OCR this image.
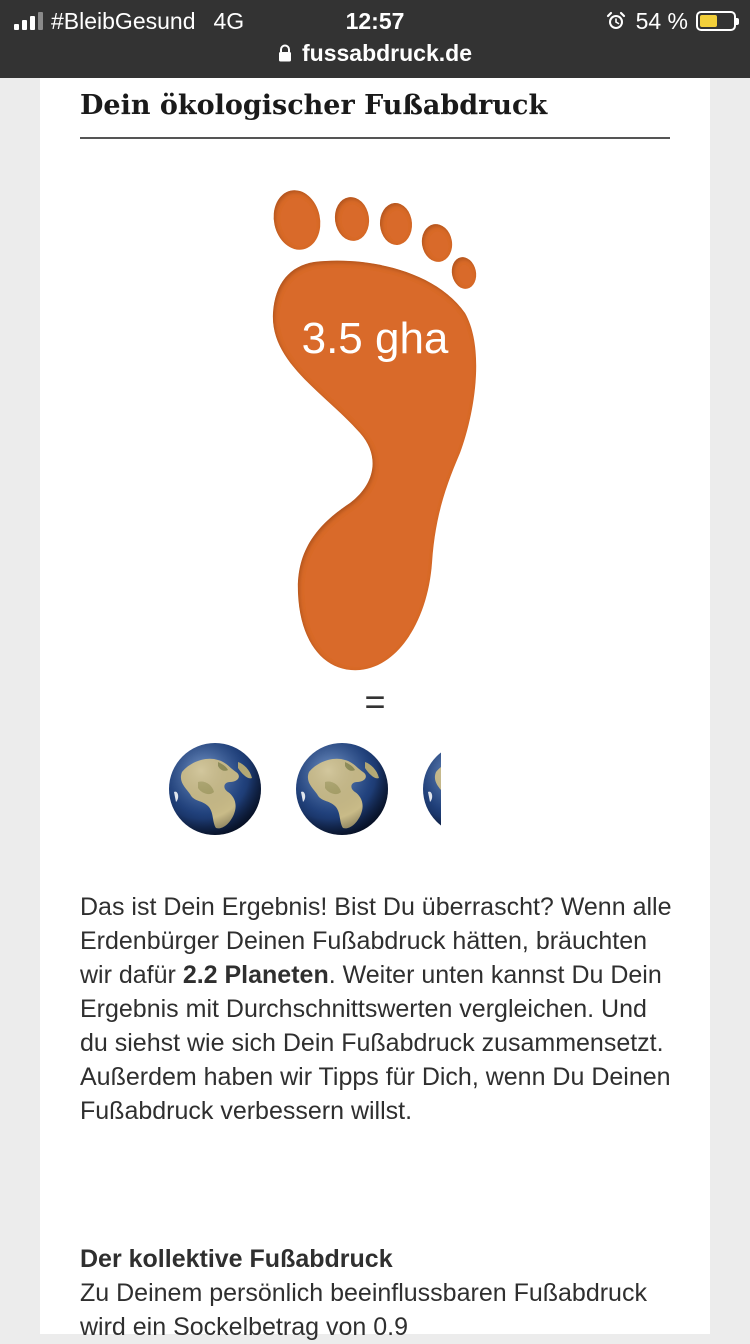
#BleibGesund 4G	12:57	54 %
fussabdruck.de
Dein ökologischer Fußabdruck
3.5 gha
=

Das ist Dein Ergebnis! Bist Du überrascht? Wenn alle Erdenbürger Deinen Fußabdruck hätten, bräuchten wir dafür 2.2 Planeten. Weiter unten kannst Du Dein Ergebnis mit Durchschnittswerten vergleichen. Und du siehst wie sich Dein Fußabdruck zusammensetzt. Außerdem haben wir Tipps für Dich, wenn Du Deinen Fußabdruck verbessern willst.

Der kollektive Fußabdruck

Zu Deinem persönlich beeinflussbaren Fußabdruck wird ein Sockelbetrag von 0.9
